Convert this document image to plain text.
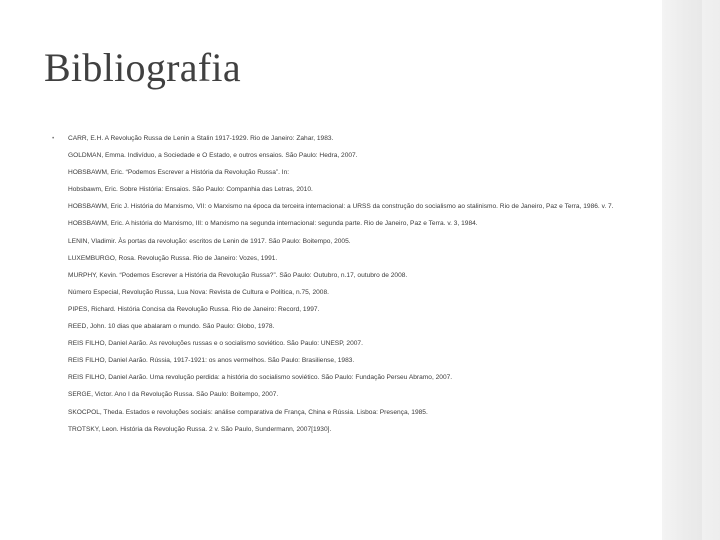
Bibliografia
• CARR, E.H. A Revolução Russa de Lenin a Stalin 1917-1929. Rio de Janeiro: Zahar, 1983.
GOLDMAN, Emma. Indivíduo, a Sociedade e O Estado, e outros ensaios. São Paulo: Hedra, 2007.
HOBSBAWM, Eric. “Podemos Escrever a História da Revolução Russa”. In:
Hobsbawm, Eric. Sobre História: Ensaios. São Paulo: Companhia das Letras, 2010.
HOBSBAWM, Eric J. História do Marxismo, VII: o Marxismo na época da terceira internacional: a URSS da construção do socialismo ao stalinismo. Rio de Janeiro, Paz e Terra, 1986. v. 7.
HOBSBAWM, Eric. A história do Marxismo, III: o Marxismo na segunda internacional: segunda parte. Rio de Janeiro, Paz e Terra. v. 3, 1984.
LENIN, Vladimir. Às portas da revolução: escritos de Lenin de 1917. São Paulo: Boitempo, 2005.
LUXEMBURGO, Rosa. Revolução Russa. Rio de Janeiro: Vozes, 1991.
MURPHY, Kevin. “Podemos Escrever a História da Revolução Russa?”. São Paulo: Outubro, n.17, outubro de 2008.
Número Especial, Revolução Russa, Lua Nova: Revista de Cultura e Política, n.75, 2008.
PIPES, Richard. História Concisa da Revolução Russa. Rio de Janeiro: Record, 1997.
REED, John. 10 dias que abalaram o mundo. São Paulo: Globo, 1978.
REIS FILHO, Daniel Aarão. As revoluções russas e o socialismo soviético. São Paulo: UNESP, 2007.
REIS FILHO, Daniel Aarão. Rússia, 1917-1921: os anos vermelhos. São Paulo: Brasiliense, 1983.
REIS FILHO, Daniel Aarão. Uma revolução perdida: a história do socialismo soviético. São Paulo: Fundação Perseu Abramo, 2007.
SERGE, Victor. Ano I da Revolução Russa. São Paulo: Boitempo, 2007.
SKOCPOL, Theda. Estados e revoluções sociais: análise comparativa de França, China e Rússia. Lisboa: Presença, 1985.
TROTSKY, Leon. História da Revolução Russa. 2 v. São Paulo, Sundermann, 2007[1930].
